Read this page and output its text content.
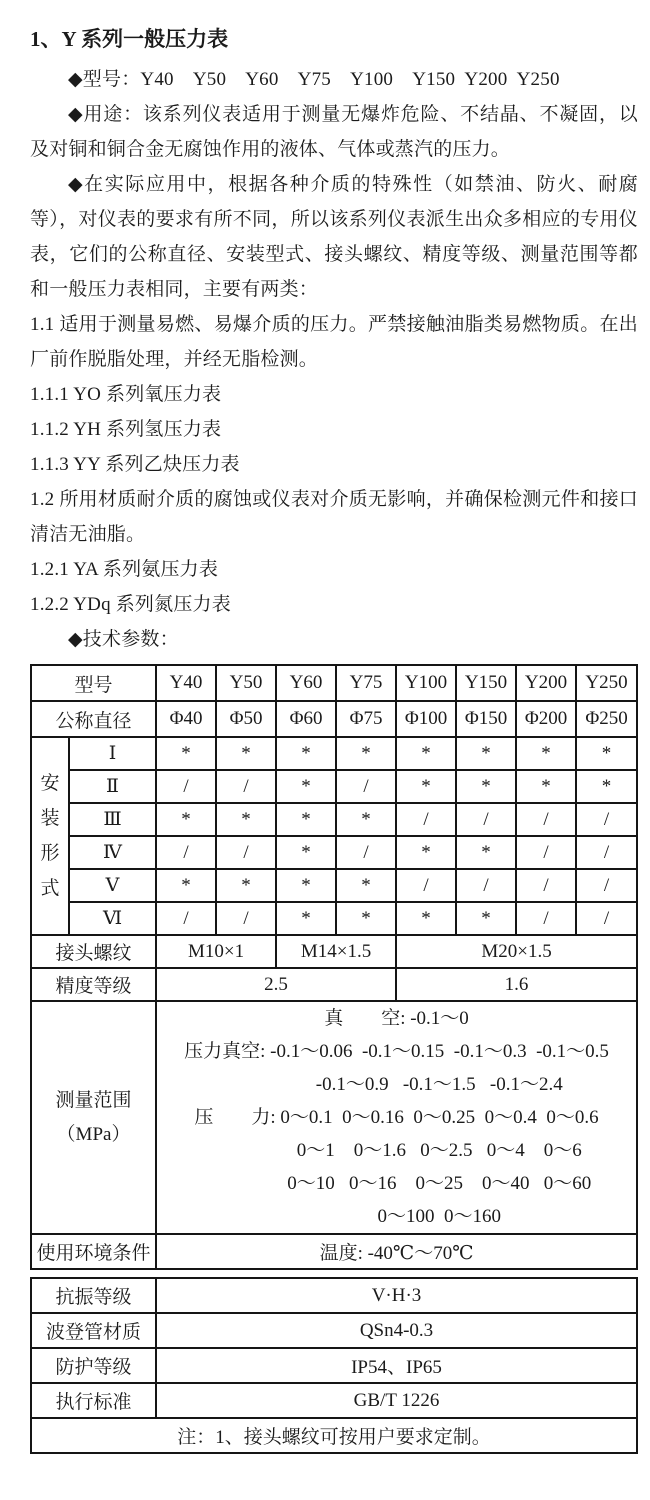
1、Y 系列一般压力表

◆型号：Y40    Y50    Y60    Y75    Y100    Y150  Y200  Y250

◆用途：该系列仪表适用于测量无爆炸危险、不结晶、不凝固，以及对铜和铜合金无腐蚀作用的液体、气体或蒸汽的压力。

◆在实际应用中，根据各种介质的特殊性（如禁油、防火、耐腐等），对仪表的要求有所不同，所以该系列仪表派生出众多相应的专用仪表，它们的公称直径、安装型式、接头螺纹、精度等级、测量范围等都和一般压力表相同，主要有两类：

1.1 适用于测量易燃、易爆介质的压力。严禁接触油脂类易燃物质。在出厂前作脱脂处理，并经无脂检测。

1.1.1 YO 系列氧压力表

1.1.2 YH 系列氢压力表

1.1.3 YY 系列乙炔压力表

1.2 所用材质耐介质的腐蚀或仪表对介质无影响，并确保检测元件和接口清洁无油脂。

1.2.1 YA 系列氨压力表

1.2.2 YDq 系列氮压力表

◆技术参数：

型号		Y40	Y50	Y60	Y75	Y100	Y150	Y200	Y250
公称直径		Φ40	Φ50	Φ60	Φ75	Φ100	Φ150	Φ200	Φ250

安装形式	Ⅰ	*	*	*	*	*	*	*	*
	Ⅱ	/	/	*	/	*	*	*	*
	Ⅲ	*	*	*	*	/	/	/	/
	Ⅳ	/	/	*	/	*	*	/	/
	Ⅴ	*	*	*	*	/	/	/	/
	Ⅵ	/	/	*	*	*	*	/	/
接头螺纹		M10×1		M14×1.5		M20×1.5			
精度等级		2.5				1.6			

测量范围
（MPa）

真　　空: -0.1～0
压力真空: -0.1～0.06  -0.1～0.15  -0.1～0.3  -0.1～0.5
　　　　  -0.1～0.9   -0.1～1.5   -0.1～2.4
压　　力: 0～0.1  0～0.16  0～0.25  0～0.4  0～0.6
　　　　  0～1    0～1.6   0～2.5   0～4    0～6
　　　　  0～10   0～16    0～25    0～40   0～60
　　　　  0～100  0～160

使用环境条件		温度: -40℃～70℃							
抗振等级	V·H·3
波登管材质	QSn4-0.3
防护等级	IP54、IP65
执行标准	GB/T 1226
注：1、接头螺纹可按用户要求定制。	
